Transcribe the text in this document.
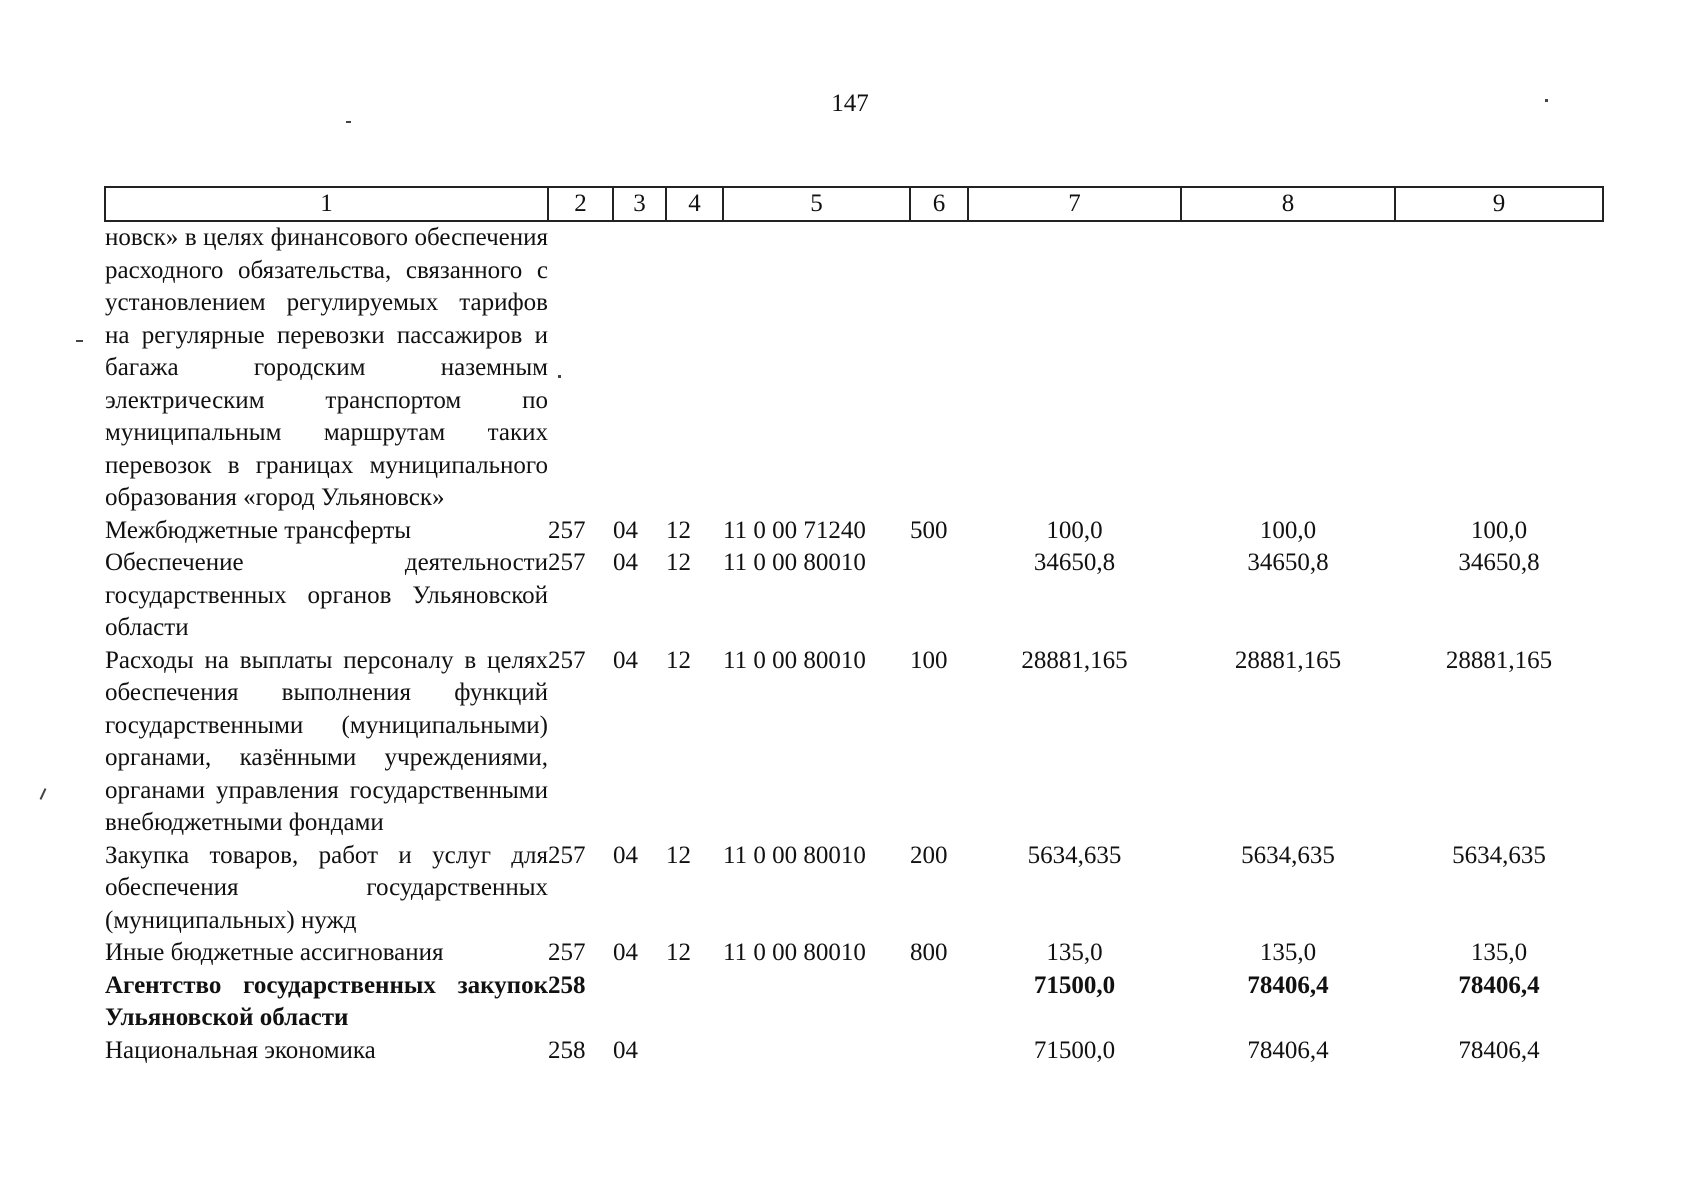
147
1	2	3	4	5	6	7	8	9
новск» в целях финансового обеспечения расходного обязательства, связанного с установлением регулируемых тарифов на регулярные перевозки пассажиров и багажа городским наземным электрическим транспортом по муниципальным маршрутам таких перевозок в границах муниципального образования «город Ульяновск»								
Межбюджетные трансферты	257	04	12	11 0 00 71240	500	100,0	100,0	100,0
Обеспечение деятельности государственных органов Ульяновской области	257	04	12	11 0 00 80010		34650,8	34650,8	34650,8
Расходы на выплаты персоналу в целях обеспечения выполнения функций государственными (муниципальными) органами, казёнными учреждениями, органами управления государственными внебюджетными фондами	257	04	12	11 0 00 80010	100	28881,165	28881,165	28881,165
Закупка товаров, работ и услуг для обеспечения государственных (муниципальных) нужд	257	04	12	11 0 00 80010	200	5634,635	5634,635	5634,635
Иные бюджетные ассигнования	257	04	12	11 0 00 80010	800	135,0	135,0	135,0
Агентство государственных закупок Ульяновской области	258					71500,0	78406,4	78406,4
Национальная экономика	258	04				71500,0	78406,4	78406,4
